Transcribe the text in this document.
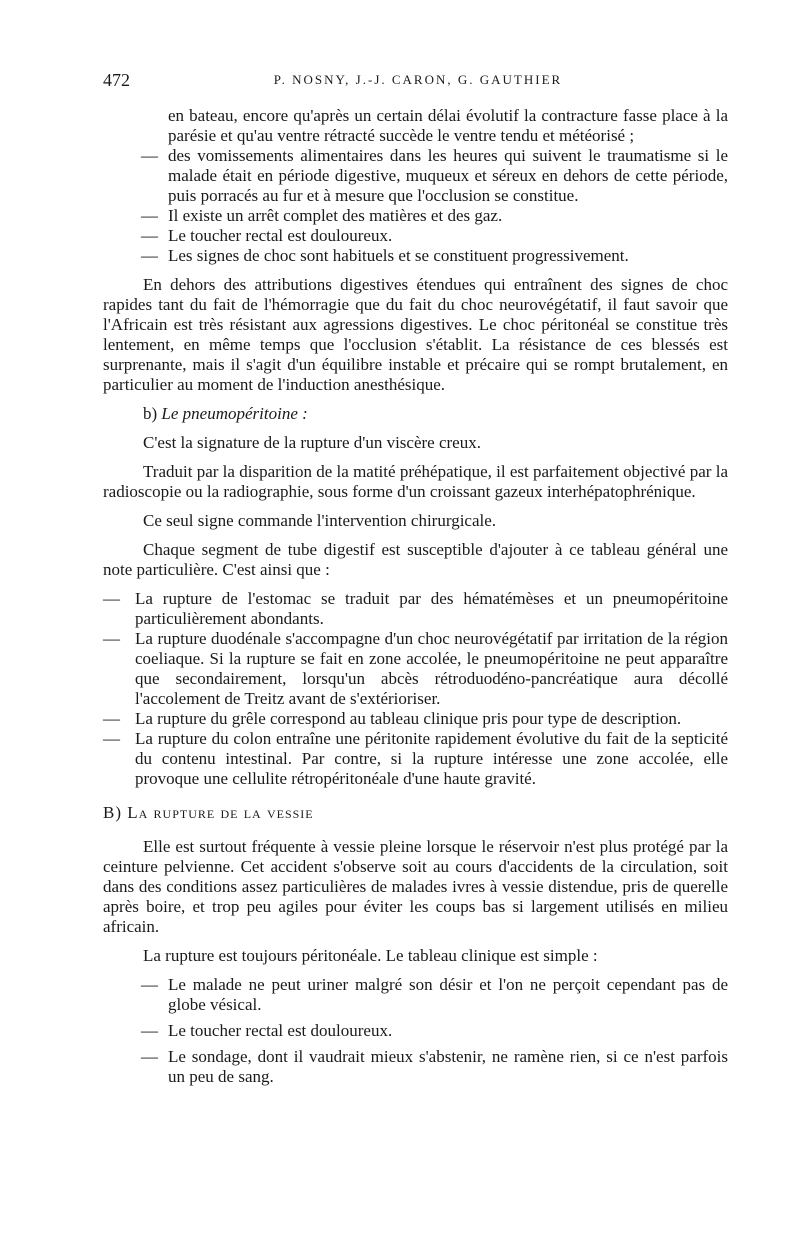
472	P. NOSNY, J.-J. CARON, G. GAUTHIER

en bateau, encore qu'après un certain délai évolutif la contracture fasse place à la parésie et qu'au ventre rétracté succède le ventre tendu et météorisé ;

— des vomissements alimentaires dans les heures qui suivent le traumatisme si le malade était en période digestive, muqueux et séreux en dehors de cette période, puis porracés au fur et à mesure que l'occlusion se constitue.
— Il existe un arrêt complet des matières et des gaz.
— Le toucher rectal est douloureux.
— Les signes de choc sont habituels et se constituent progressivement.

En dehors des attributions digestives étendues qui entraînent des signes de choc rapides tant du fait de l'hémorragie que du fait du choc neurovégétatif, il faut savoir que l'Africain est très résistant aux agressions digestives. Le choc péritonéal se constitue très lentement, en même temps que l'occlusion s'établit. La résistance de ces blessés est surprenante, mais il s'agit d'un équilibre instable et précaire qui se rompt brutalement, en particulier au moment de l'induction anesthésique.

b) Le pneumopéritoine :

C'est la signature de la rupture d'un viscère creux.

Traduit par la disparition de la matité préhépatique, il est parfaitement objectivé par la radioscopie ou la radiographie, sous forme d'un croissant gazeux interhépatophrénique.

Ce seul signe commande l'intervention chirurgicale.

Chaque segment de tube digestif est susceptible d'ajouter à ce tableau général une note particulière. C'est ainsi que :

— La rupture de l'estomac se traduit par des hématémèses et un pneumopéritoine particulièrement abondants.
— La rupture duodénale s'accompagne d'un choc neurovégétatif par irritation de la région coeliaque. Si la rupture se fait en zone accolée, le pneumopéritoine ne peut apparaître que secondairement, lorsqu'un abcès rétroduodéno-pancréatique aura décollé l'accolement de Treitz avant de s'extérioriser.
— La rupture du grêle correspond au tableau clinique pris pour type de description.
— La rupture du colon entraîne une péritonite rapidement évolutive du fait de la septicité du contenu intestinal. Par contre, si la rupture intéresse une zone accolée, elle provoque une cellulite rétropéritonéale d'une haute gravité.
B) La rupture de la vessie

Elle est surtout fréquente à vessie pleine lorsque le réservoir n'est plus protégé par la ceinture pelvienne. Cet accident s'observe soit au cours d'accidents de la circulation, soit dans des conditions assez particulières de malades ivres à vessie distendue, pris de querelle après boire, et trop peu agiles pour éviter les coups bas si largement utilisés en milieu africain.

La rupture est toujours péritonéale. Le tableau clinique est simple :

— Le malade ne peut uriner malgré son désir et l'on ne perçoit cependant pas de globe vésical.
— Le toucher rectal est douloureux.
— Le sondage, dont il vaudrait mieux s'abstenir, ne ramène rien, si ce n'est parfois un peu de sang.
